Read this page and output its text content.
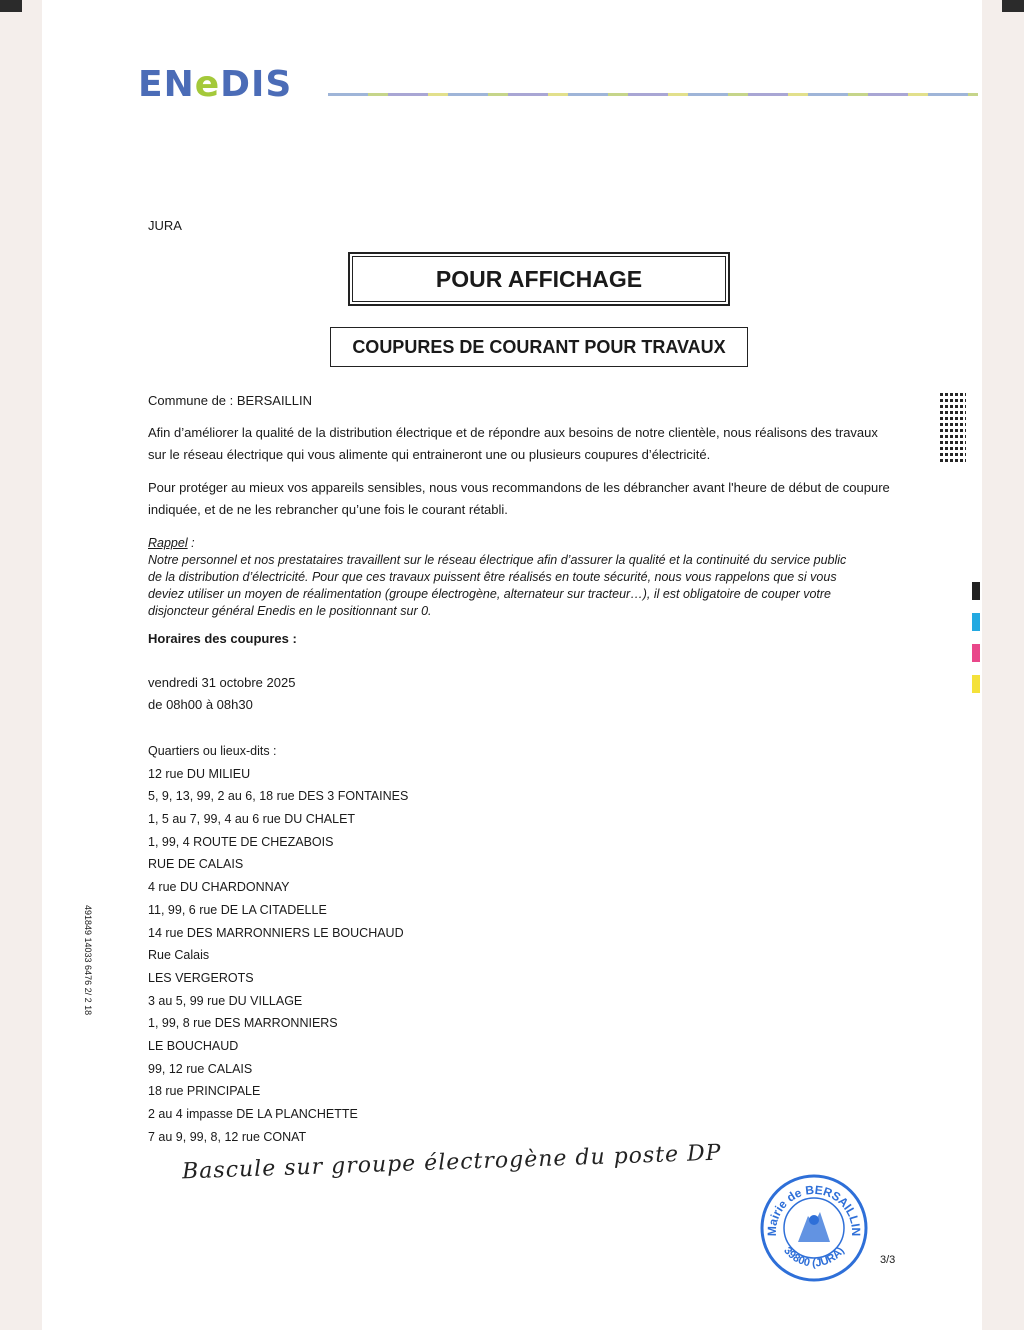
ENeDIS
JURA
POUR AFFICHAGE
COUPURES DE COURANT POUR TRAVAUX
Commune de : BERSAILLIN
Afin d’améliorer la qualité de la distribution électrique et de répondre aux besoins de notre clientèle, nous réalisons des travaux
sur le réseau électrique qui vous alimente qui entraineront une ou plusieurs coupures d’électricité.
Pour protéger au mieux vos appareils sensibles, nous vous recommandons de les débrancher avant l'heure de début de coupure
indiquée, et de ne les rebrancher qu’une fois le courant rétabli.
Rappel :
Notre personnel et nos prestataires travaillent sur le réseau électrique afin d’assurer la qualité et la continuité du service public
de la distribution d’électricité. Pour que ces travaux puissent être réalisés en toute sécurité, nous vous rappelons que si vous
deviez utiliser un moyen de réalimentation (groupe électrogène, alternateur sur tracteur…), il est obligatoire de couper votre
disjoncteur général Enedis en le positionnant sur 0.
Horaires des coupures :
vendredi 31 octobre 2025
de 08h00 à 08h30
Quartiers ou lieux-dits :
12 rue DU MILIEU
5, 9, 13, 99, 2 au 6, 18 rue DES 3 FONTAINES
1, 5 au 7, 99, 4 au 6 rue DU CHALET
1, 99, 4 ROUTE DE CHEZABOIS
RUE DE CALAIS
4 rue DU CHARDONNAY
11, 99, 6 rue DE LA CITADELLE
14 rue DES MARRONNIERS LE BOUCHAUD
Rue Calais
LES VERGEROTS
3 au 5, 99 rue DU VILLAGE
1, 99, 8 rue DES MARRONNIERS
LE BOUCHAUD
99, 12 rue CALAIS
18 rue PRINCIPALE
2 au 4 impasse DE LA PLANCHETTE
7 au 9, 99, 8, 12 rue CONAT
491849 14033 6476 2/ 2 18
Bascule sur groupe électrogène du poste DP
Mairie de BERSAILLIN
39800 (JURA)
3/3
